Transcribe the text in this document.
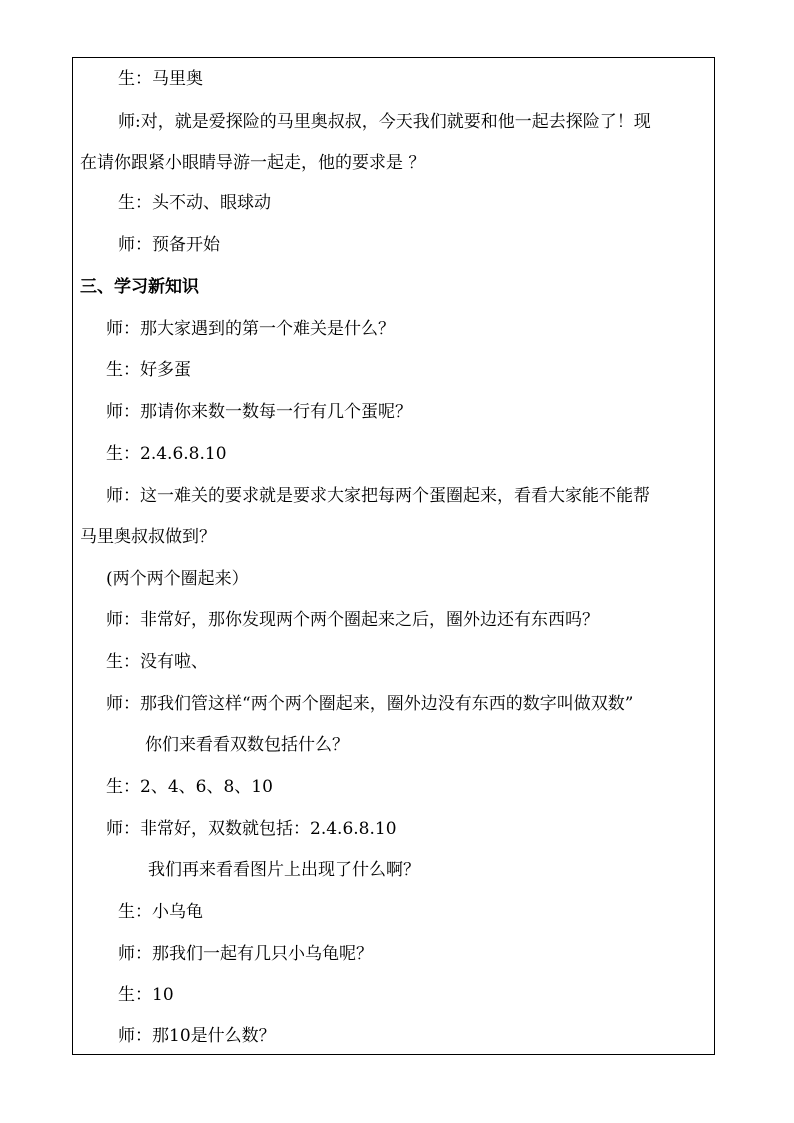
生：马里奥
师:对，就是爱探险的马里奥叔叔，今天我们就要和他一起去探险了！现
在请你跟紧小眼睛导游一起走，他的要求是 ？
生：头不动、眼球动
师：预备开始
三、学习新知识
师：那大家遇到的第一个难关是什么？
生：好多蛋
师：那请你来数一数每一行有几个蛋呢？
生：2.4.6.8.10
师：这一难关的要求就是要求大家把每两个蛋圈起来，看看大家能不能帮
马里奥叔叔做到？
(两个两个圈起来）
师：非常好，那你发现两个两个圈起来之后，圈外边还有东西吗？
生：没有啦、
师：那我们管这样“两个两个圈起来，圈外边没有东西的数字叫做双数”
你们来看看双数包括什么？
生：2、4、6、8、10
师：非常好，双数就包括：2.4.6.8.10
我们再来看看图片上出现了什么啊？
生：小乌龟
师：那我们一起有几只小乌龟呢？
生：10
师：那10是什么数？
